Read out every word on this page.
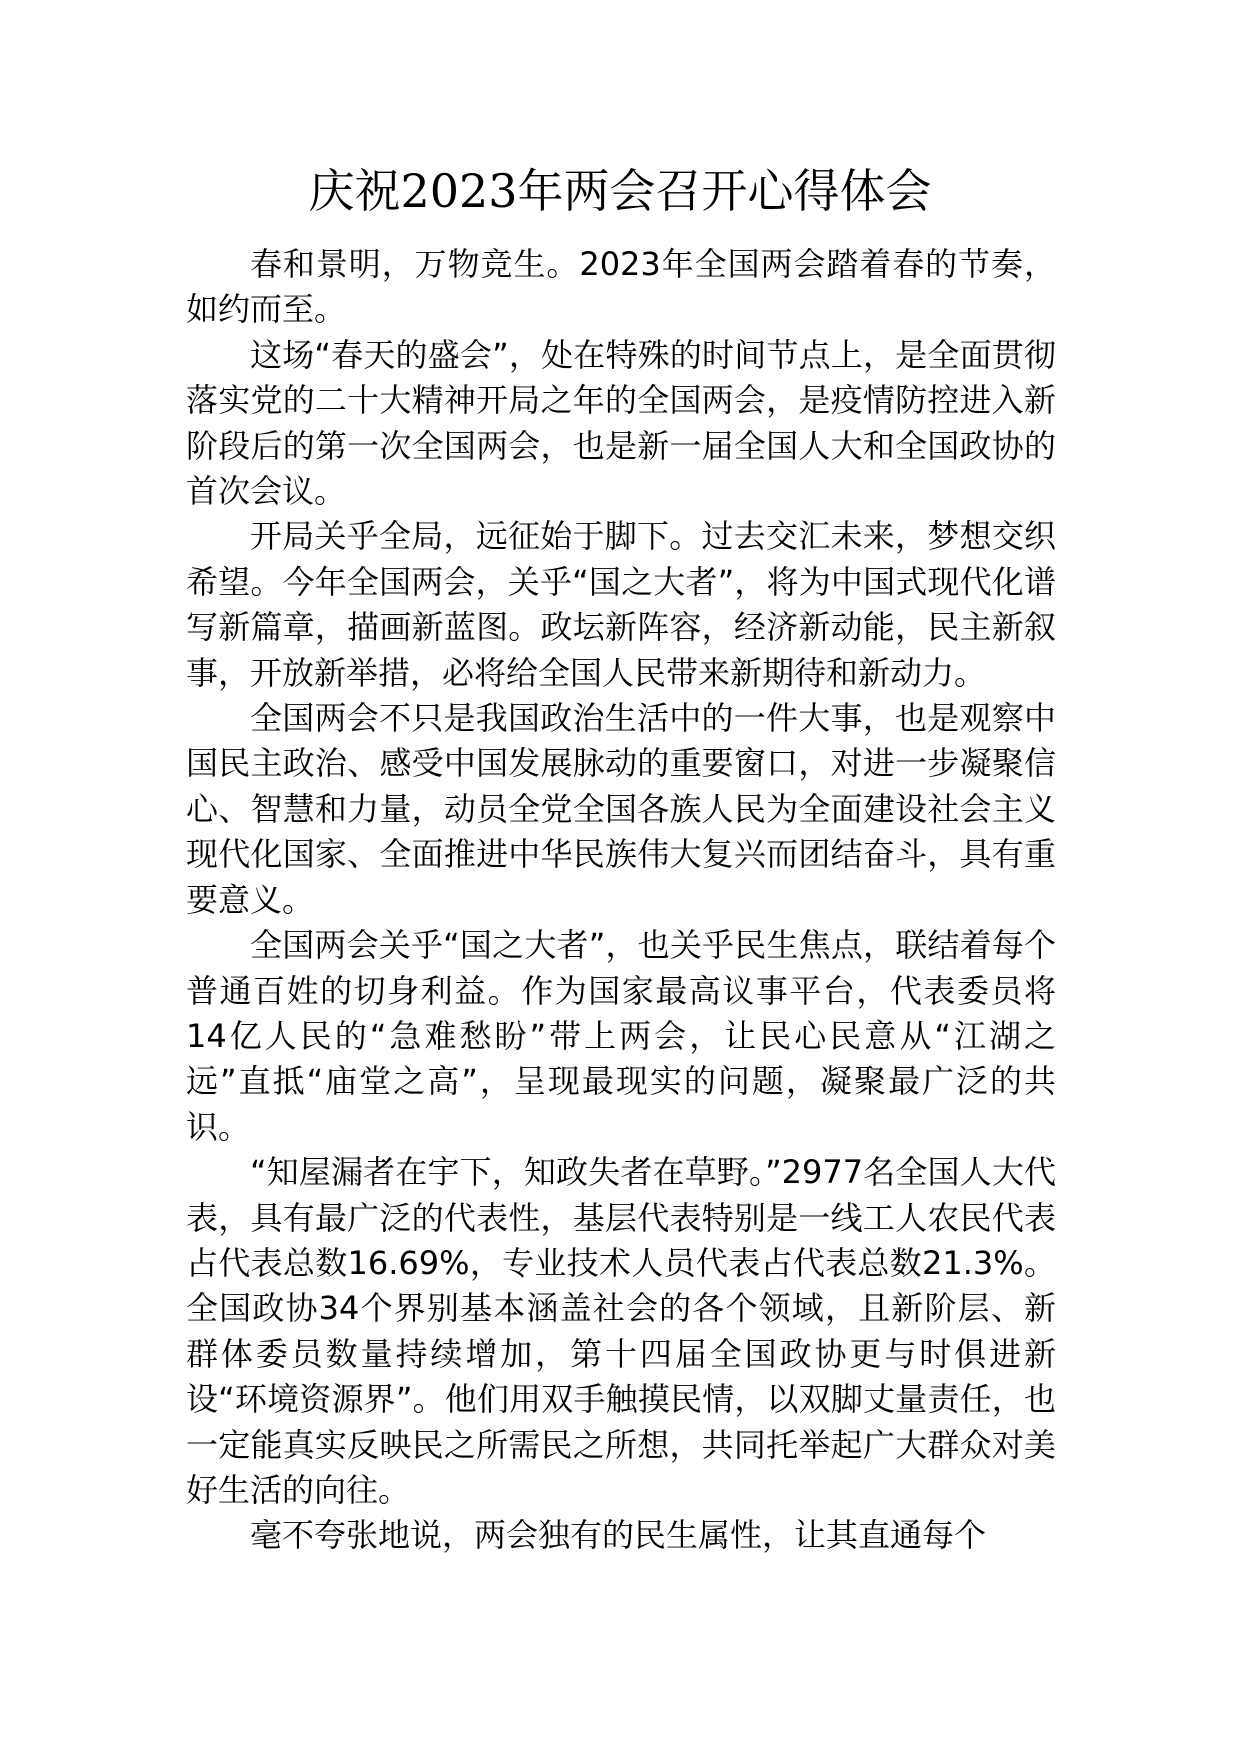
庆祝2023年两会召开心得体会

春和景明，万物竞生。2023年全国两会踏着春的节奏，如约而至。

这场“春天的盛会”，处在特殊的时间节点上，是全面贯彻落实党的二十大精神开局之年的全国两会，是疫情防控进入新阶段后的第一次全国两会，也是新一届全国人大和全国政协的首次会议。

开局关乎全局，远征始于脚下。过去交汇未来，梦想交织希望。今年全国两会，关乎“国之大者”，将为中国式现代化谱写新篇章，描画新蓝图。政坛新阵容，经济新动能，民主新叙事，开放新举措，必将给全国人民带来新期待和新动力。

全国两会不只是我国政治生活中的一件大事，也是观察中国民主政治、感受中国发展脉动的重要窗口，对进一步凝聚信心、智慧和力量，动员全党全国各族人民为全面建设社会主义现代化国家、全面推进中华民族伟大复兴而团结奋斗，具有重要意义。

全国两会关乎“国之大者”，也关乎民生焦点，联结着每个普通百姓的切身利益。作为国家最高议事平台，代表委员将14亿人民的“急难愁盼”带上两会，让民心民意从“江湖之远”直抵“庙堂之高”，呈现最现实的问题，凝聚最广泛的共识。

“知屋漏者在宇下，知政失者在草野。”2977名全国人大代表，具有最广泛的代表性，基层代表特别是一线工人农民代表占代表总数16.69%，专业技术人员代表占代表总数21.3%。全国政协34个界别基本涵盖社会的各个领域，且新阶层、新群体委员数量持续增加，第十四届全国政协更与时俱进新设“环境资源界”。他们用双手触摸民情，以双脚丈量责任，也一定能真实反映民之所需民之所想，共同托举起广大群众对美好生活的向往。

毫不夸张地说，两会独有的民生属性，让其直通每个
